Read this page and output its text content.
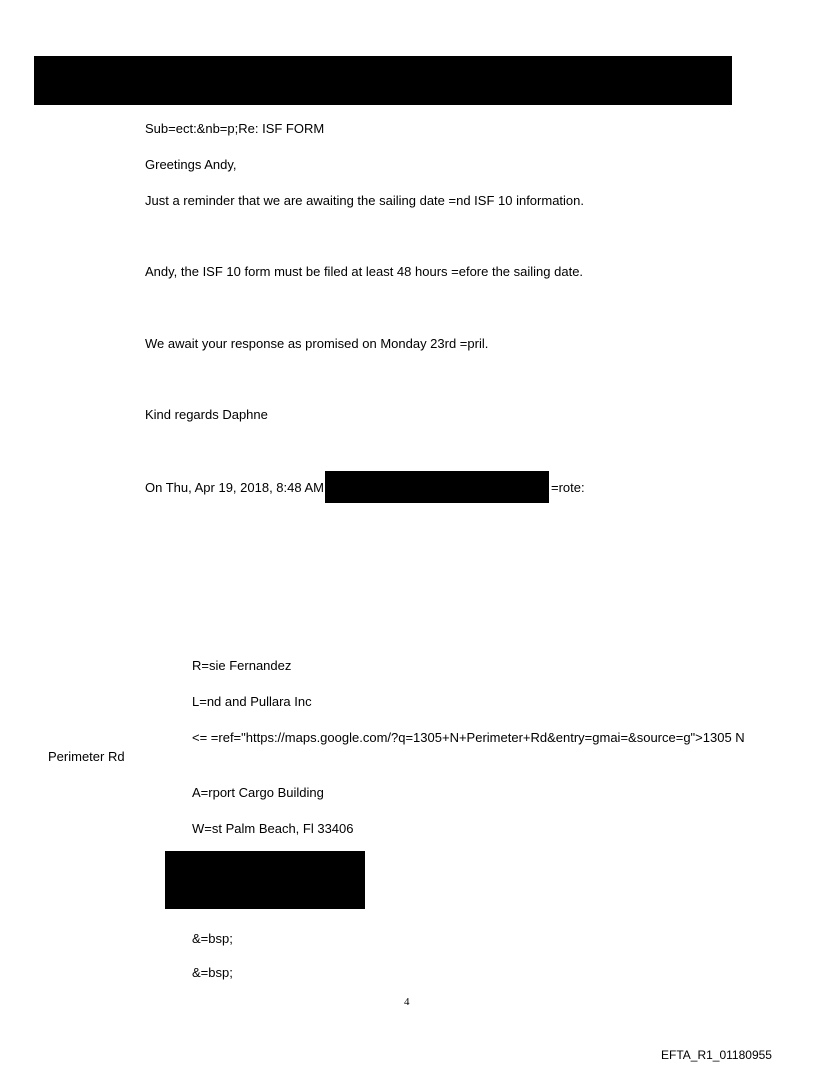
Sub=ect:&nb=p;Re: ISF FORM
Greetings Andy,
Just a reminder that we are awaiting the sailing date =nd ISF 10 information.
Andy, the ISF 10 form must be filed at least 48 hours =efore the sailing date.
We await your response as promised on Monday 23rd =pril.
Kind regards Daphne
On Thu, Apr 19, 2018, 8:48 AM	=rote:
R=sie Fernandez
L=nd and Pullara Inc
<= =ref="https://maps.google.com/?q=1305+N+Perimeter+Rd&entry=gmai=&source=g">1305 N
Perimeter Rd
A=rport Cargo Building
W=st Palm Beach, Fl 33406
&=bsp;
&=bsp;
4
EFTA_R1_01180955
